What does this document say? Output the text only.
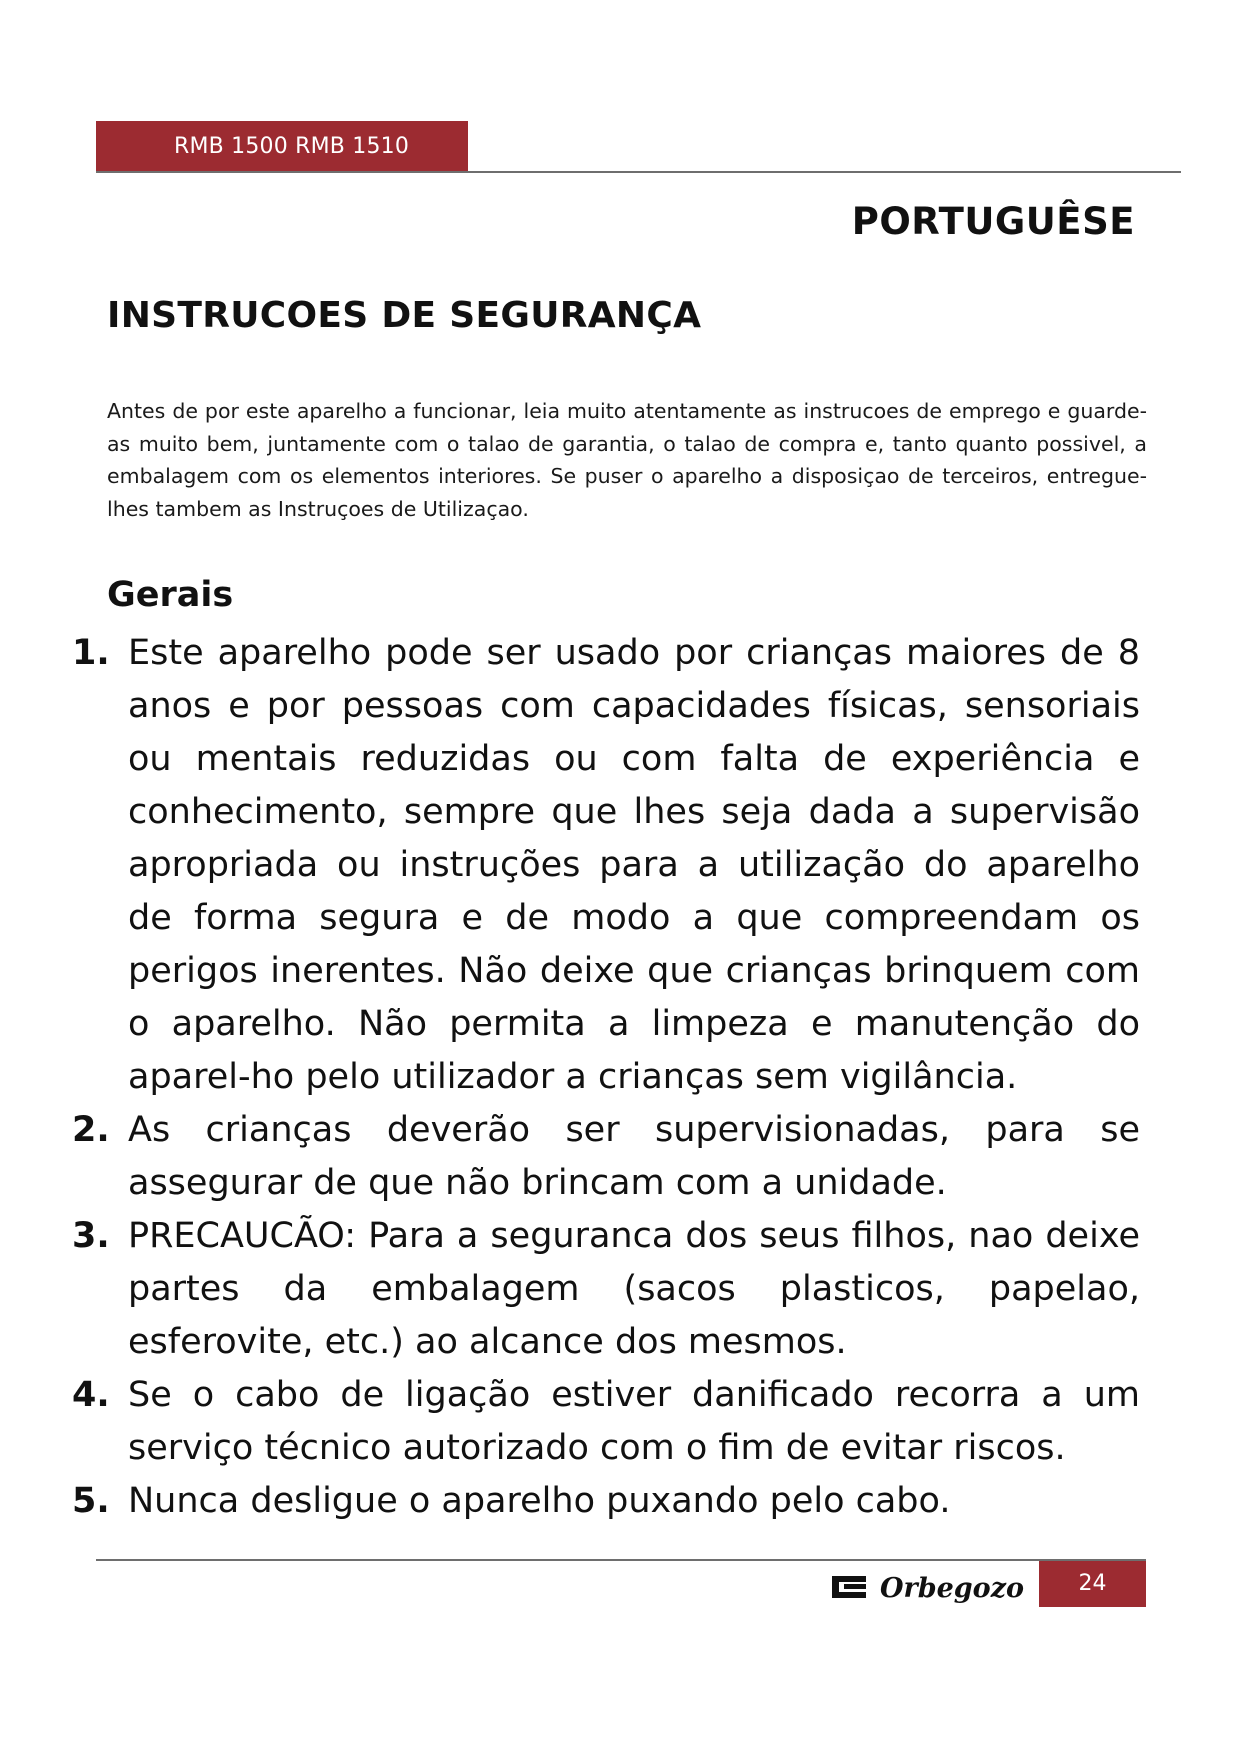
RMB 1500 RMB 1510
PORTUGUÊSE
INSTRUCOES DE SEGURANÇA
Antes de por este aparelho a funcionar, leia muito atentamente as instrucoes de emprego e guarde-as muito bem, juntamente com o talao de garantia, o talao de compra e, tanto quanto possivel, a embalagem com os elementos interiores. Se puser o aparelho a disposiçao de terceiros, entregue-lhes tambem as Instruçoes de Utilizaçao.
Gerais
1. Este aparelho pode ser usado por crianças maiores de 8 anos e por pessoas com capacidades físicas, sensoriais ou mentais reduzidas ou com falta de experiência e conhecimento, sempre que lhes seja dada a supervisão apropriada ou instruções para a utilização do aparelho de forma segura e de modo a que compreendam os perigos inerentes. Não deixe que crianças brinquem com o aparelho. Não permita a limpeza e manutenção do aparel-ho pelo utilizador a crianças sem vigilância.
2. As crianças deverão ser supervisionadas, para se assegurar de que não brincam com a unidade.
3. PRECAUCÃO: Para a seguranca dos seus filhos, nao deixe partes da embalagem (sacos plasticos, papelao, esferovite, etc.) ao alcance dos mesmos.
4. Se o cabo de ligação estiver danificado recorra a um serviço técnico autorizado com o fim de evitar riscos.
5. Nunca desligue o aparelho puxando pelo cabo.
Orbegozo	24
